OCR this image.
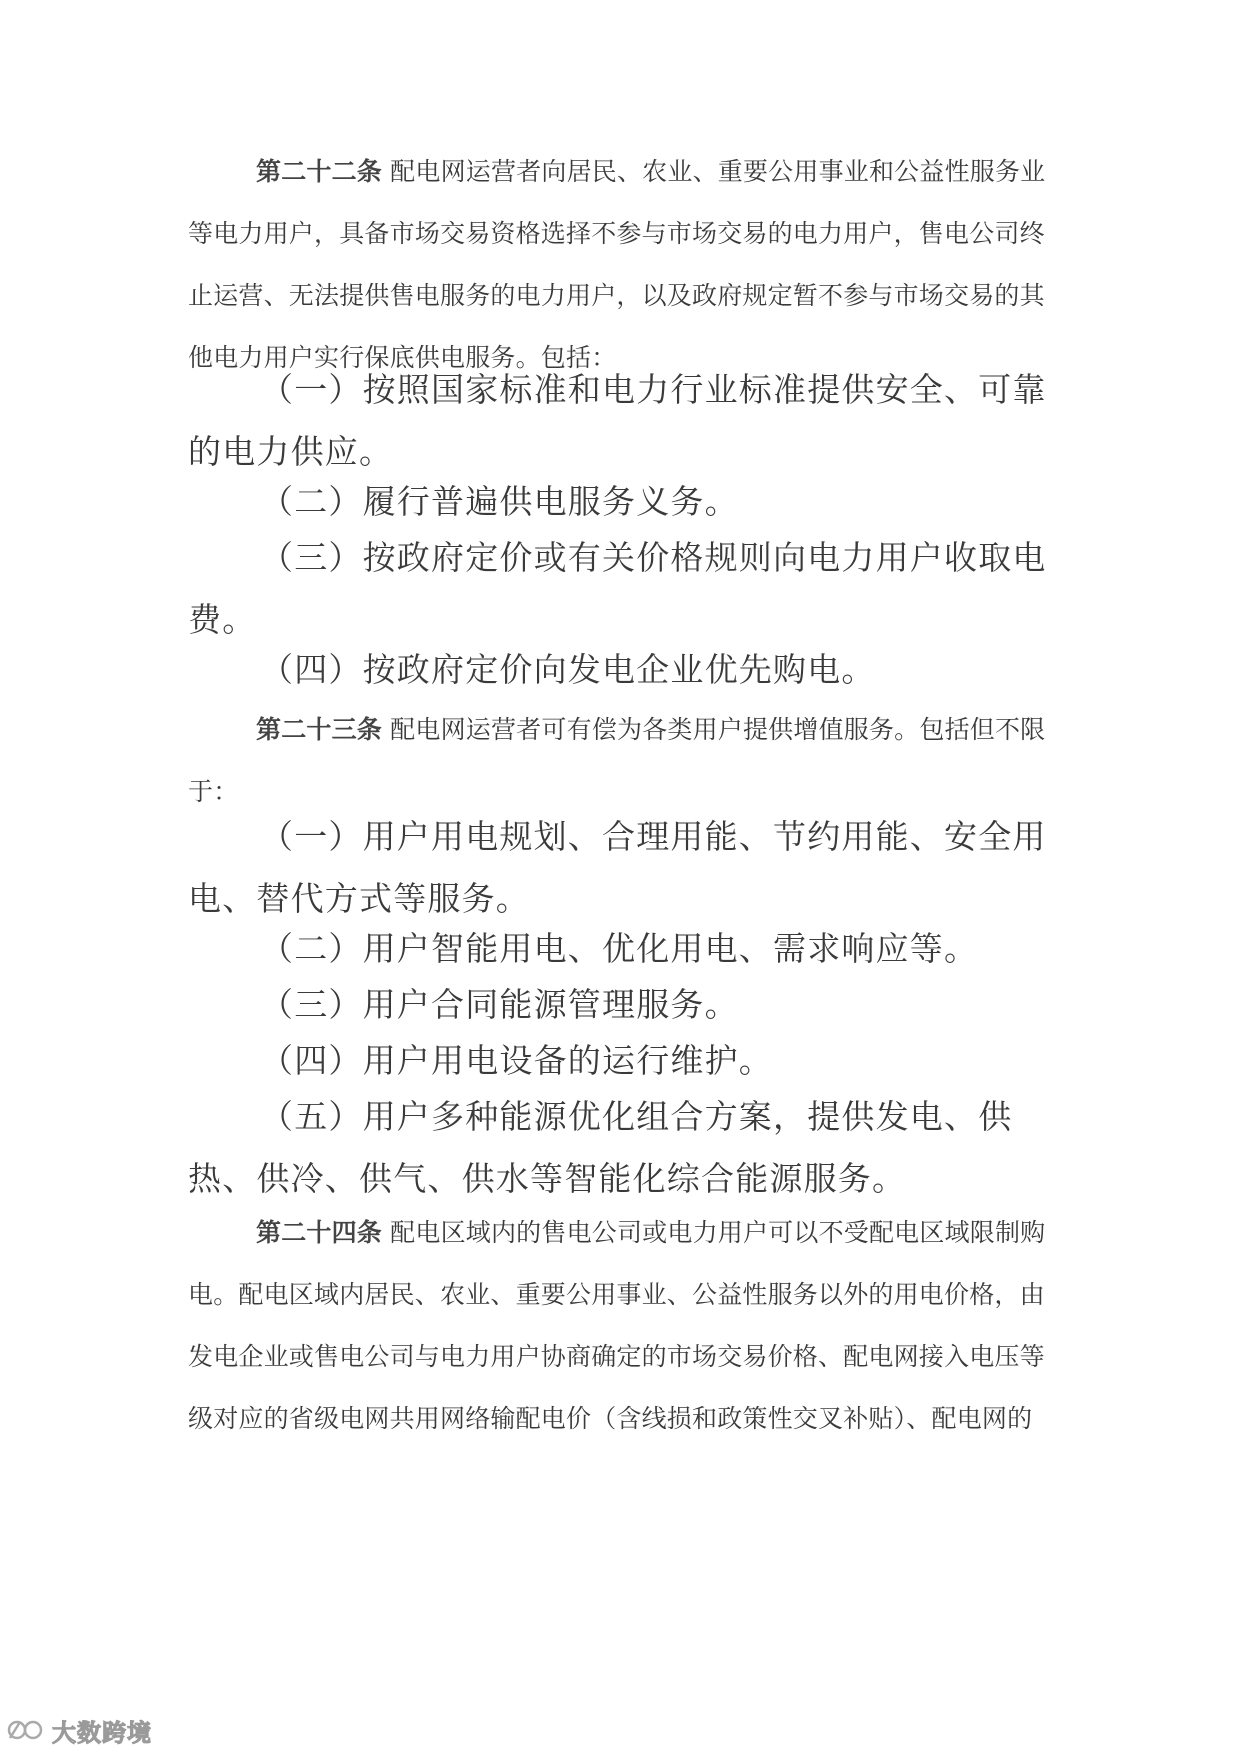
第二十二条 配电网运营者向居民、农业、重要公用事业和公益性服务业等电力用户，具备市场交易资格选择不参与市场交易的电力用户，售电公司终止运营、无法提供售电服务的电力用户，以及政府规定暂不参与市场交易的其他电力用户实行保底供电服务。包括：

（一）按照国家标准和电力行业标准提供安全、可靠的电力供应。

（二）履行普遍供电服务义务。

（三）按政府定价或有关价格规则向电力用户收取电费。

（四）按政府定价向发电企业优先购电。

第二十三条 配电网运营者可有偿为各类用户提供增值服务。包括但不限于：

（一）用户用电规划、合理用能、节约用能、安全用电、替代方式等服务。

（二）用户智能用电、优化用电、需求响应等。

（三）用户合同能源管理服务。

（四）用户用电设备的运行维护。

（五）用户多种能源优化组合方案，提供发电、供热、供冷、供气、供水等智能化综合能源服务。

第二十四条 配电区域内的售电公司或电力用户可以不受配电区域限制购电。配电区域内居民、农业、重要公用事业、公益性服务以外的用电价格，由发电企业或售电公司与电力用户协商确定的市场交易价格、配电网接入电压等级对应的省级电网共用网络输配电价（含线损和政策性交叉补贴）、配电网的

大数跨境
